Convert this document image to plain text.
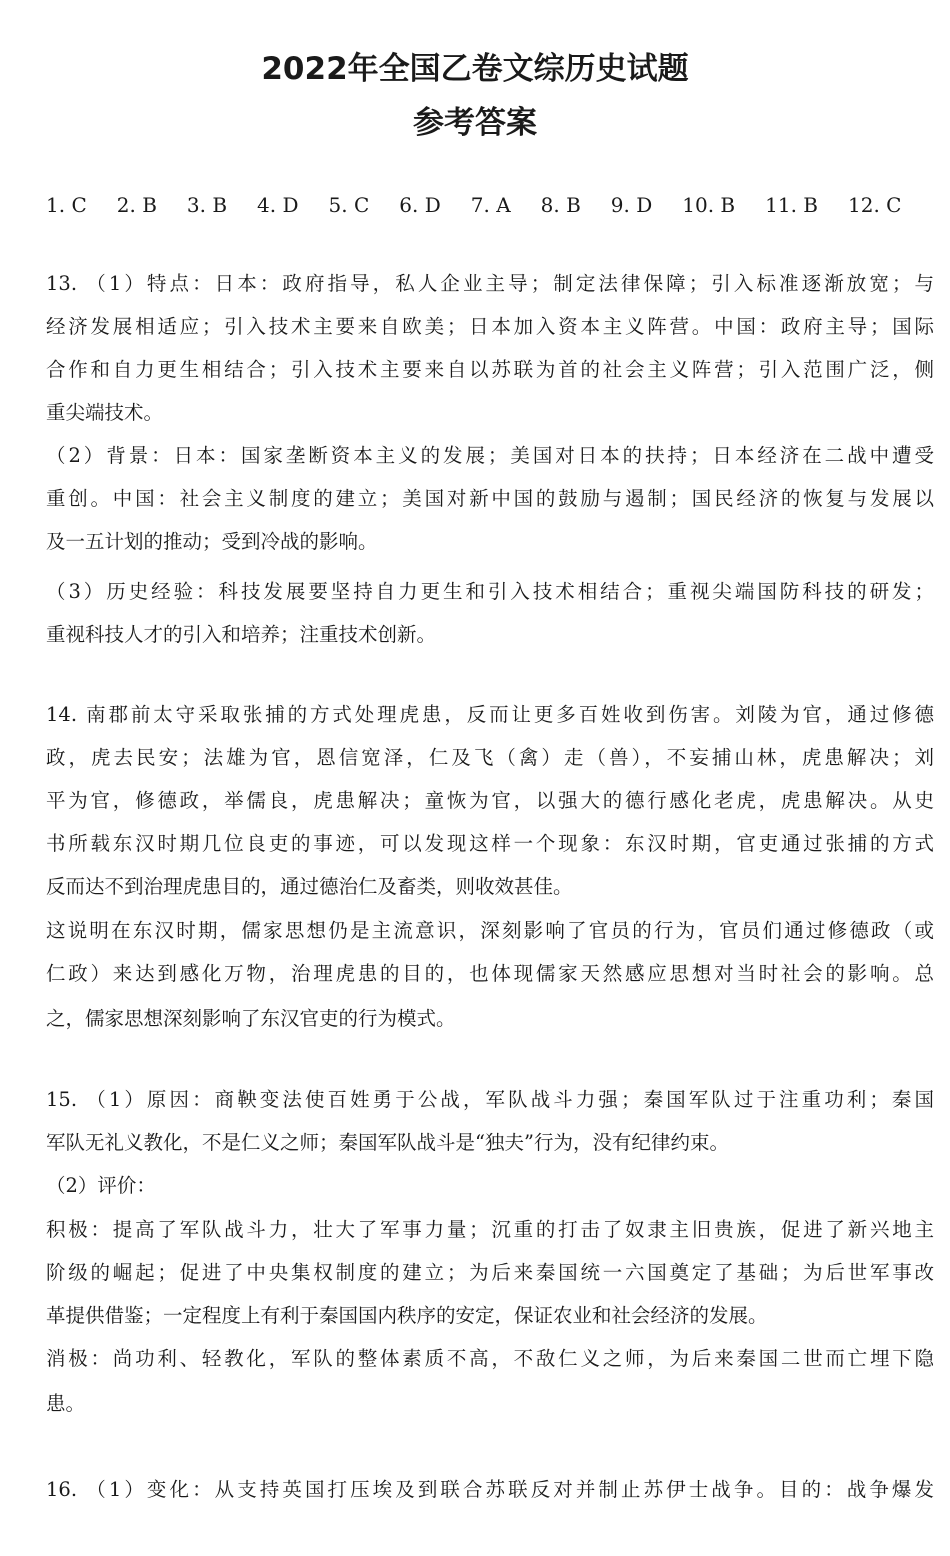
2022年全国乙卷文综历史试题
参考答案
1. C 2. B 3. B 4. D 5. C 6. D 7. A 8. B 9. D 10. B 11. B 12. C
13. （1）特点：日本：政府指导，私人企业主导；制定法律保障；引入标准逐渐放宽；与
经济发展相适应；引入技术主要来自欧美；日本加入资本主义阵营。中国：政府主导；国际
合作和自力更生相结合；引入技术主要来自以苏联为首的社会主义阵营；引入范围广泛，侧
重尖端技术。
（2）背景：日本：国家垄断资本主义的发展；美国对日本的扶持；日本经济在二战中遭受
重创。中国：社会主义制度的建立；美国对新中国的鼓励与遏制；国民经济的恢复与发展以
及一五计划的推动；受到冷战的影响。
（3）历史经验：科技发展要坚持自力更生和引入技术相结合；重视尖端国防科技的研发；
重视科技人才的引入和培养；注重技术创新。
14. 南郡前太守采取张捕的方式处理虎患，反而让更多百姓收到伤害。刘陵为官，通过修德
政，虎去民安；法雄为官，恩信宽泽，仁及飞（禽）走（兽），不妄捕山林，虎患解决；刘
平为官，修德政，举儒良，虎患解决；童恢为官，以强大的德行感化老虎，虎患解决。从史
书所载东汉时期几位良吏的事迹，可以发现这样一个现象：东汉时期，官吏通过张捕的方式
反而达不到治理虎患目的，通过德治仁及畜类，则收效甚佳。
这说明在东汉时期，儒家思想仍是主流意识，深刻影响了官员的行为，官员们通过修德政（或
仁政）来达到感化万物，治理虎患的目的，也体现儒家天然感应思想对当时社会的影响。总
之，儒家思想深刻影响了东汉官吏的行为模式。
15. （1）原因：商鞅变法使百姓勇于公战，军队战斗力强；秦国军队过于注重功利；秦国
军队无礼义教化，不是仁义之师；秦国军队战斗是“独夫”行为，没有纪律约束。
（2）评价：
积极：提高了军队战斗力，壮大了军事力量；沉重的打击了奴隶主旧贵族，促进了新兴地主
阶级的崛起；促进了中央集权制度的建立；为后来秦国统一六国奠定了基础；为后世军事改
革提供借鉴；一定程度上有利于秦国国内秩序的安定，保证农业和社会经济的发展。
消极：尚功利、轻教化，军队的整体素质不高，不敌仁义之师，为后来秦国二世而亡埋下隐
患。
16. （1）变化：从支持英国打压埃及到联合苏联反对并制止苏伊士战争。目的：战争爆发
